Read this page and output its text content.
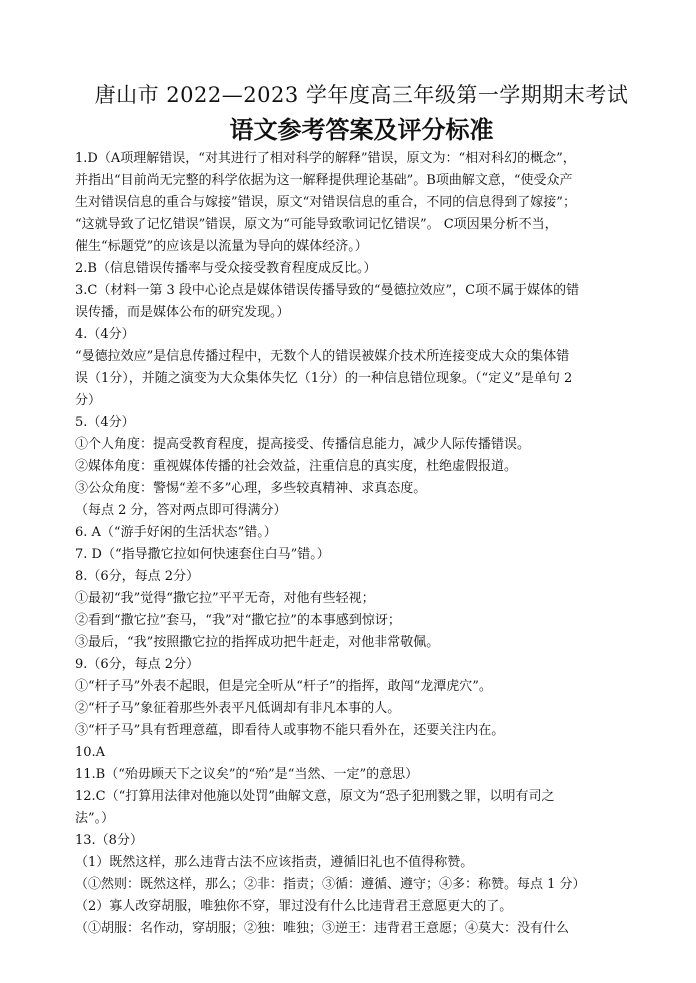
唐山市 2022—2023 学年度高三年级第一学期期末考试
语文参考答案及评分标准
1.D（A项理解错误，“对其进行了相对科学的解释”错误，原文为：“相对科幻的概念”，
并指出“目前尚无完整的科学依据为这一解释提供理论基础”。B项曲解文意，“使受众产
生对错误信息的重合与嫁接”错误，原文“对错误信息的重合，不同的信息得到了嫁接”；
“这就导致了记忆错误”错误，原文为“可能导致歌词记忆错误”。 C项因果分析不当，
催生“标题党”的应该是以流量为导向的媒体经济。）
2.B（信息错误传播率与受众接受教育程度成反比。）
3.C（材料一第 3 段中心论点是媒体错误传播导致的“曼德拉效应”，C项不属于媒体的错
误传播，而是媒体公布的研究发现。）
4.（4分）
“曼德拉效应”是信息传播过程中，无数个人的错误被媒介技术所连接变成大众的集体错
误（1分），并随之演变为大众集体失忆（1分）的一种信息错位现象。（“定义”是单句 2
分）
5.（4分）
①个人角度：提高受教育程度，提高接受、传播信息能力，减少人际传播错误。
②媒体角度：重视媒体传播的社会效益，注重信息的真实度，杜绝虚假报道。
③公众角度：警惕“差不多”心理，多些较真精神、求真态度。
（每点 2 分，答对两点即可得满分）
6. A（“游手好闲的生活状态”错。）
7. D（“指导撒它拉如何快速套住白马”错。）
8.（6分，每点 2分）
①最初“我”觉得“撒它拉”平平无奇，对他有些轻视；
②看到“撒它拉”套马，“我”对“撒它拉”的本事感到惊讶；
③最后，“我”按照撒它拉的指挥成功把牛赶走，对他非常敬佩。
9.（6分，每点 2分）
①“杆子马”外表不起眼，但是完全听从“杆子”的指挥，敢闯“龙潭虎穴”。
②“杆子马”象征着那些外表平凡低调却有非凡本事的人。
③“杆子马”具有哲理意蕴，即看待人或事物不能只看外在，还要关注内在。
10.A
11.B（“殆毋顾天下之议矣”的“殆”是“当然、一定”的意思）
12.C（“打算用法律对他施以处罚”曲解文意，原文为“恐子犯刑戮之罪，以明有司之
法”。）
13.（8分）
（1）既然这样，那么违背古法不应该指责，遵循旧礼也不值得称赞。
（①然则：既然这样，那么；②非：指责；③循：遵循、遵守；④多：称赞。每点 1 分）
（2）寡人改穿胡服，唯独你不穿，罪过没有什么比违背君王意愿更大的了。
（①胡服：名作动，穿胡服；②独：唯独；③逆王：违背君王意愿；④莫大：没有什么
